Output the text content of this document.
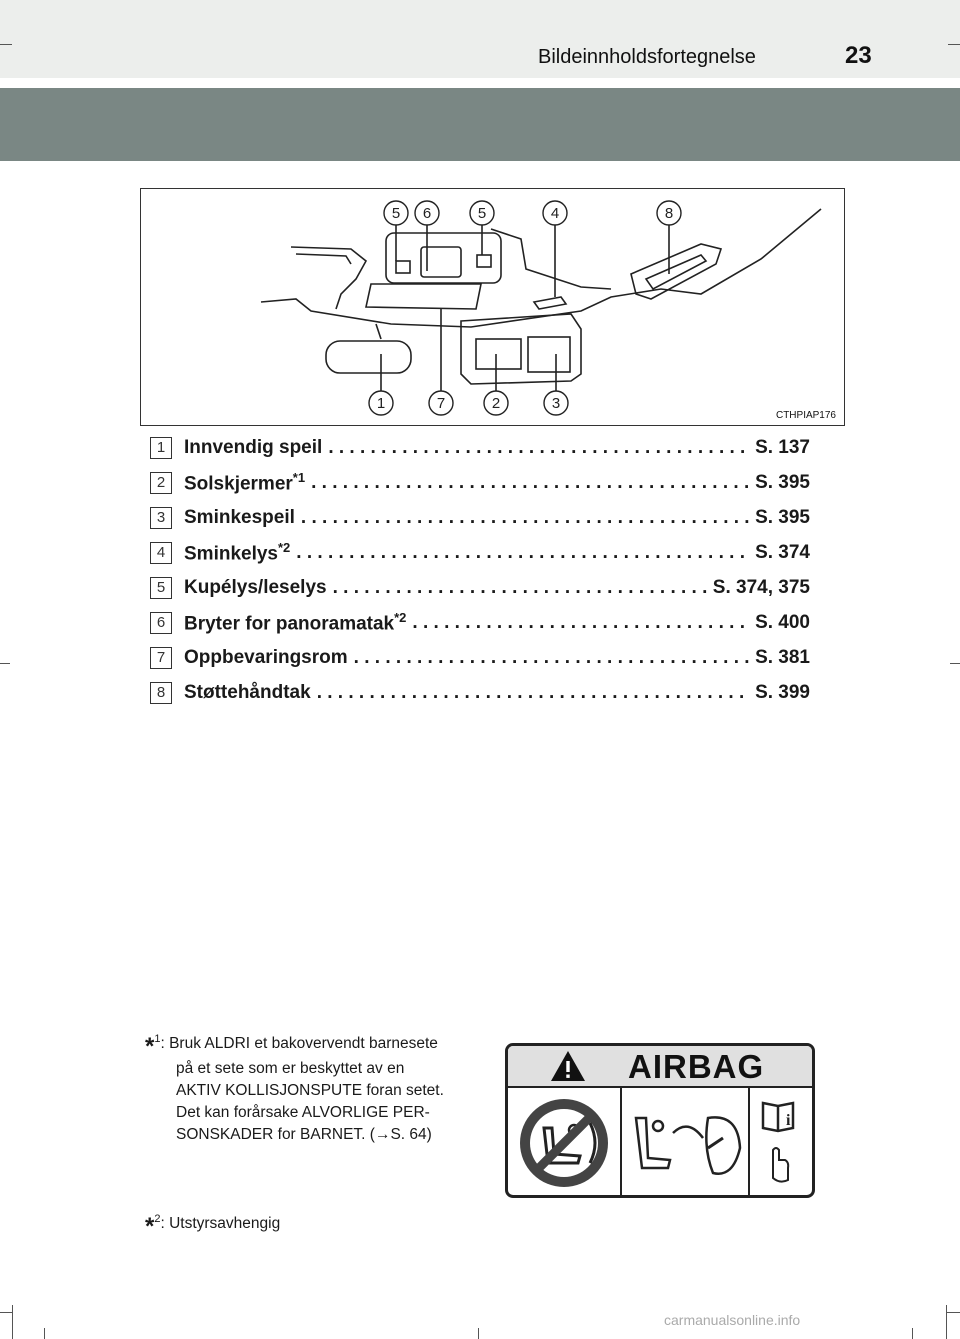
Bildeinnholdsfortegnelse	23
5 6	5	4	8
1	7	2	3
CTHPIAP176
1 Innvendig speil . . .	S. 137
2 Solskjermer$^{*1}$ . . .	S. 395
3 Sminkespeil . . .	S. 395
4 Sminkelys$^{*2}$ . . .	S. 374
5 Kupélys/leselys . . .	S. 374, 375
6 Bryter for panoramatak$^{*2}$ . . .	S. 400
7 Oppbevaringsrom . . .	S. 381
8 Støttehåndtak . . .	S. 399
*$^1$: Bruk ALDRI et bakovervendt barnesete
på et sete som er beskyttet av en
AKTIV KOLLISJONSPUTE foran setet.
Det kan forårsake ALVORLIGE PER-
SONSKADER for BARNET. (→S. 64)
*$^2$: Utstyrsavhengig
AIRBAG
i
carmanualsonline.info
